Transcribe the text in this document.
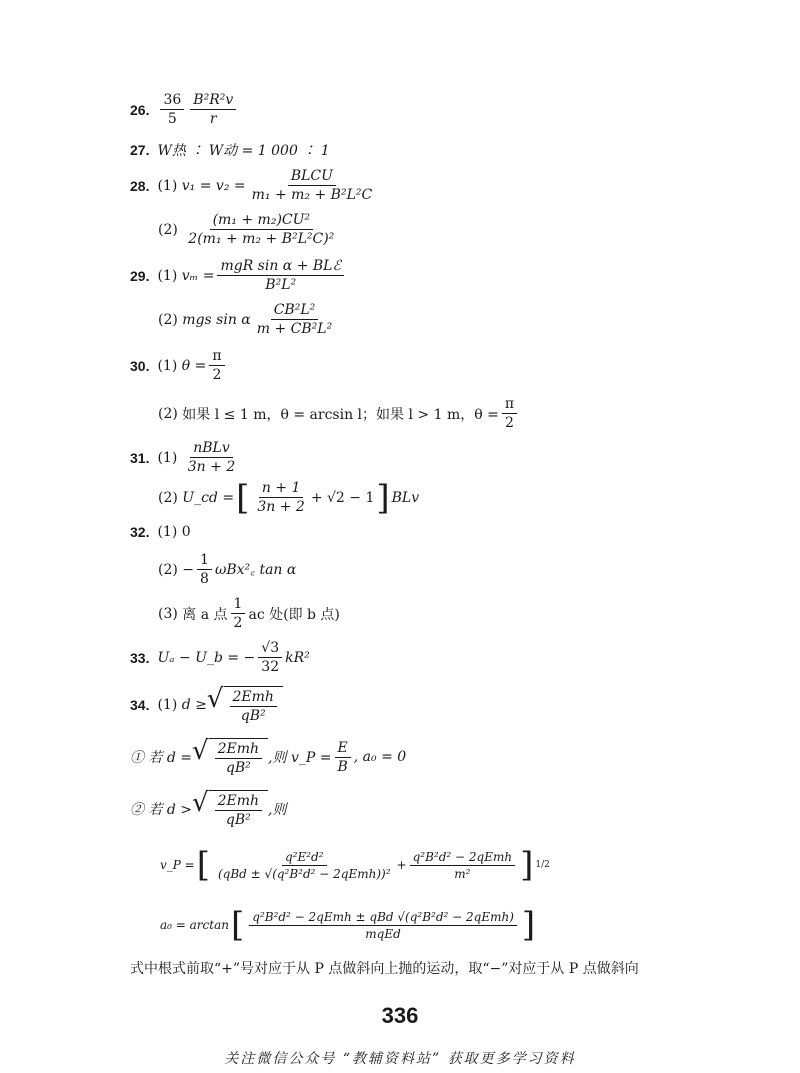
26. $\frac{36}{5} \frac{\text{B²R²v}}{r}$
27. W热 ∶ W动 = 1 000 ∶ 1
28. (1)
$v_1 = v_2 = \frac{\text{BLCU}}{\text{m₁ + m₂ + B²L²C}}$
(2)
$\frac{\text{(m₁ + m₂)CU²}}{\text{2(m₁ + m₂ + B²L²C)²}}$
29. (1)
$v_m = \frac{\text{mgR sin α + BLℰ}}{\text{B²L²}}$
(2)
mgs sin α $\frac{\text{CB²L²}}{\text{m + CB²L²}}$
30. (1)
$\theta = \frac{\pi}{2}$
(2)
如果 l ≤ 1 m，θ = arcsin l；如果 l > 1 m，$\theta = \frac{\pi}{2}$
31. (1)
$\frac{\text{nBLv}}{3n + 2}$
(2)
U_cd = [ $\frac{n + 1}{3n + 2} + √2 - 1$ ] BLv
32. (1)
0
(2)
− $\frac{1}{8}$ ωBx²꜀ tan α
(3)
离 a 点 $\frac{1}{2}$ ac 处(即 b 点)
33. Uₐ − U_b = − $\frac{√3}{32} kR^2$
34. (1)
d ≥ √ $\frac{\text{2Emh}}{\text{qB²}}$
① 若 d = √ $\frac{\text{2Emh}}{\text{qB²}}$ ,则 v_P = $\frac{E}{B}$ , a₀ = 0
② 若 d > √ $\frac{\text{2Emh}}{\text{qB²}}$ ,则
v_P = [ $\frac{\text{q²E²d²}}{\text{(qBd ± √(q²B²d² − 2qEmh))²}} + \frac{\text{q²B²d² − 2qEmh}}{\text{m²}}$ ] 1/2
a₀ = arctan [ $\frac{\text{q²B²d² − 2qEmh ± qBd √(q²B²d² − 2qEmh)}}{\text{mqEd}}$ ]
式中根式前取“+”号对应于从 P 点做斜向上抛的运动，取“−”对应于从 P 点做斜向
336
关注微信公众号 “教辅资料站” 获取更多学习资料
